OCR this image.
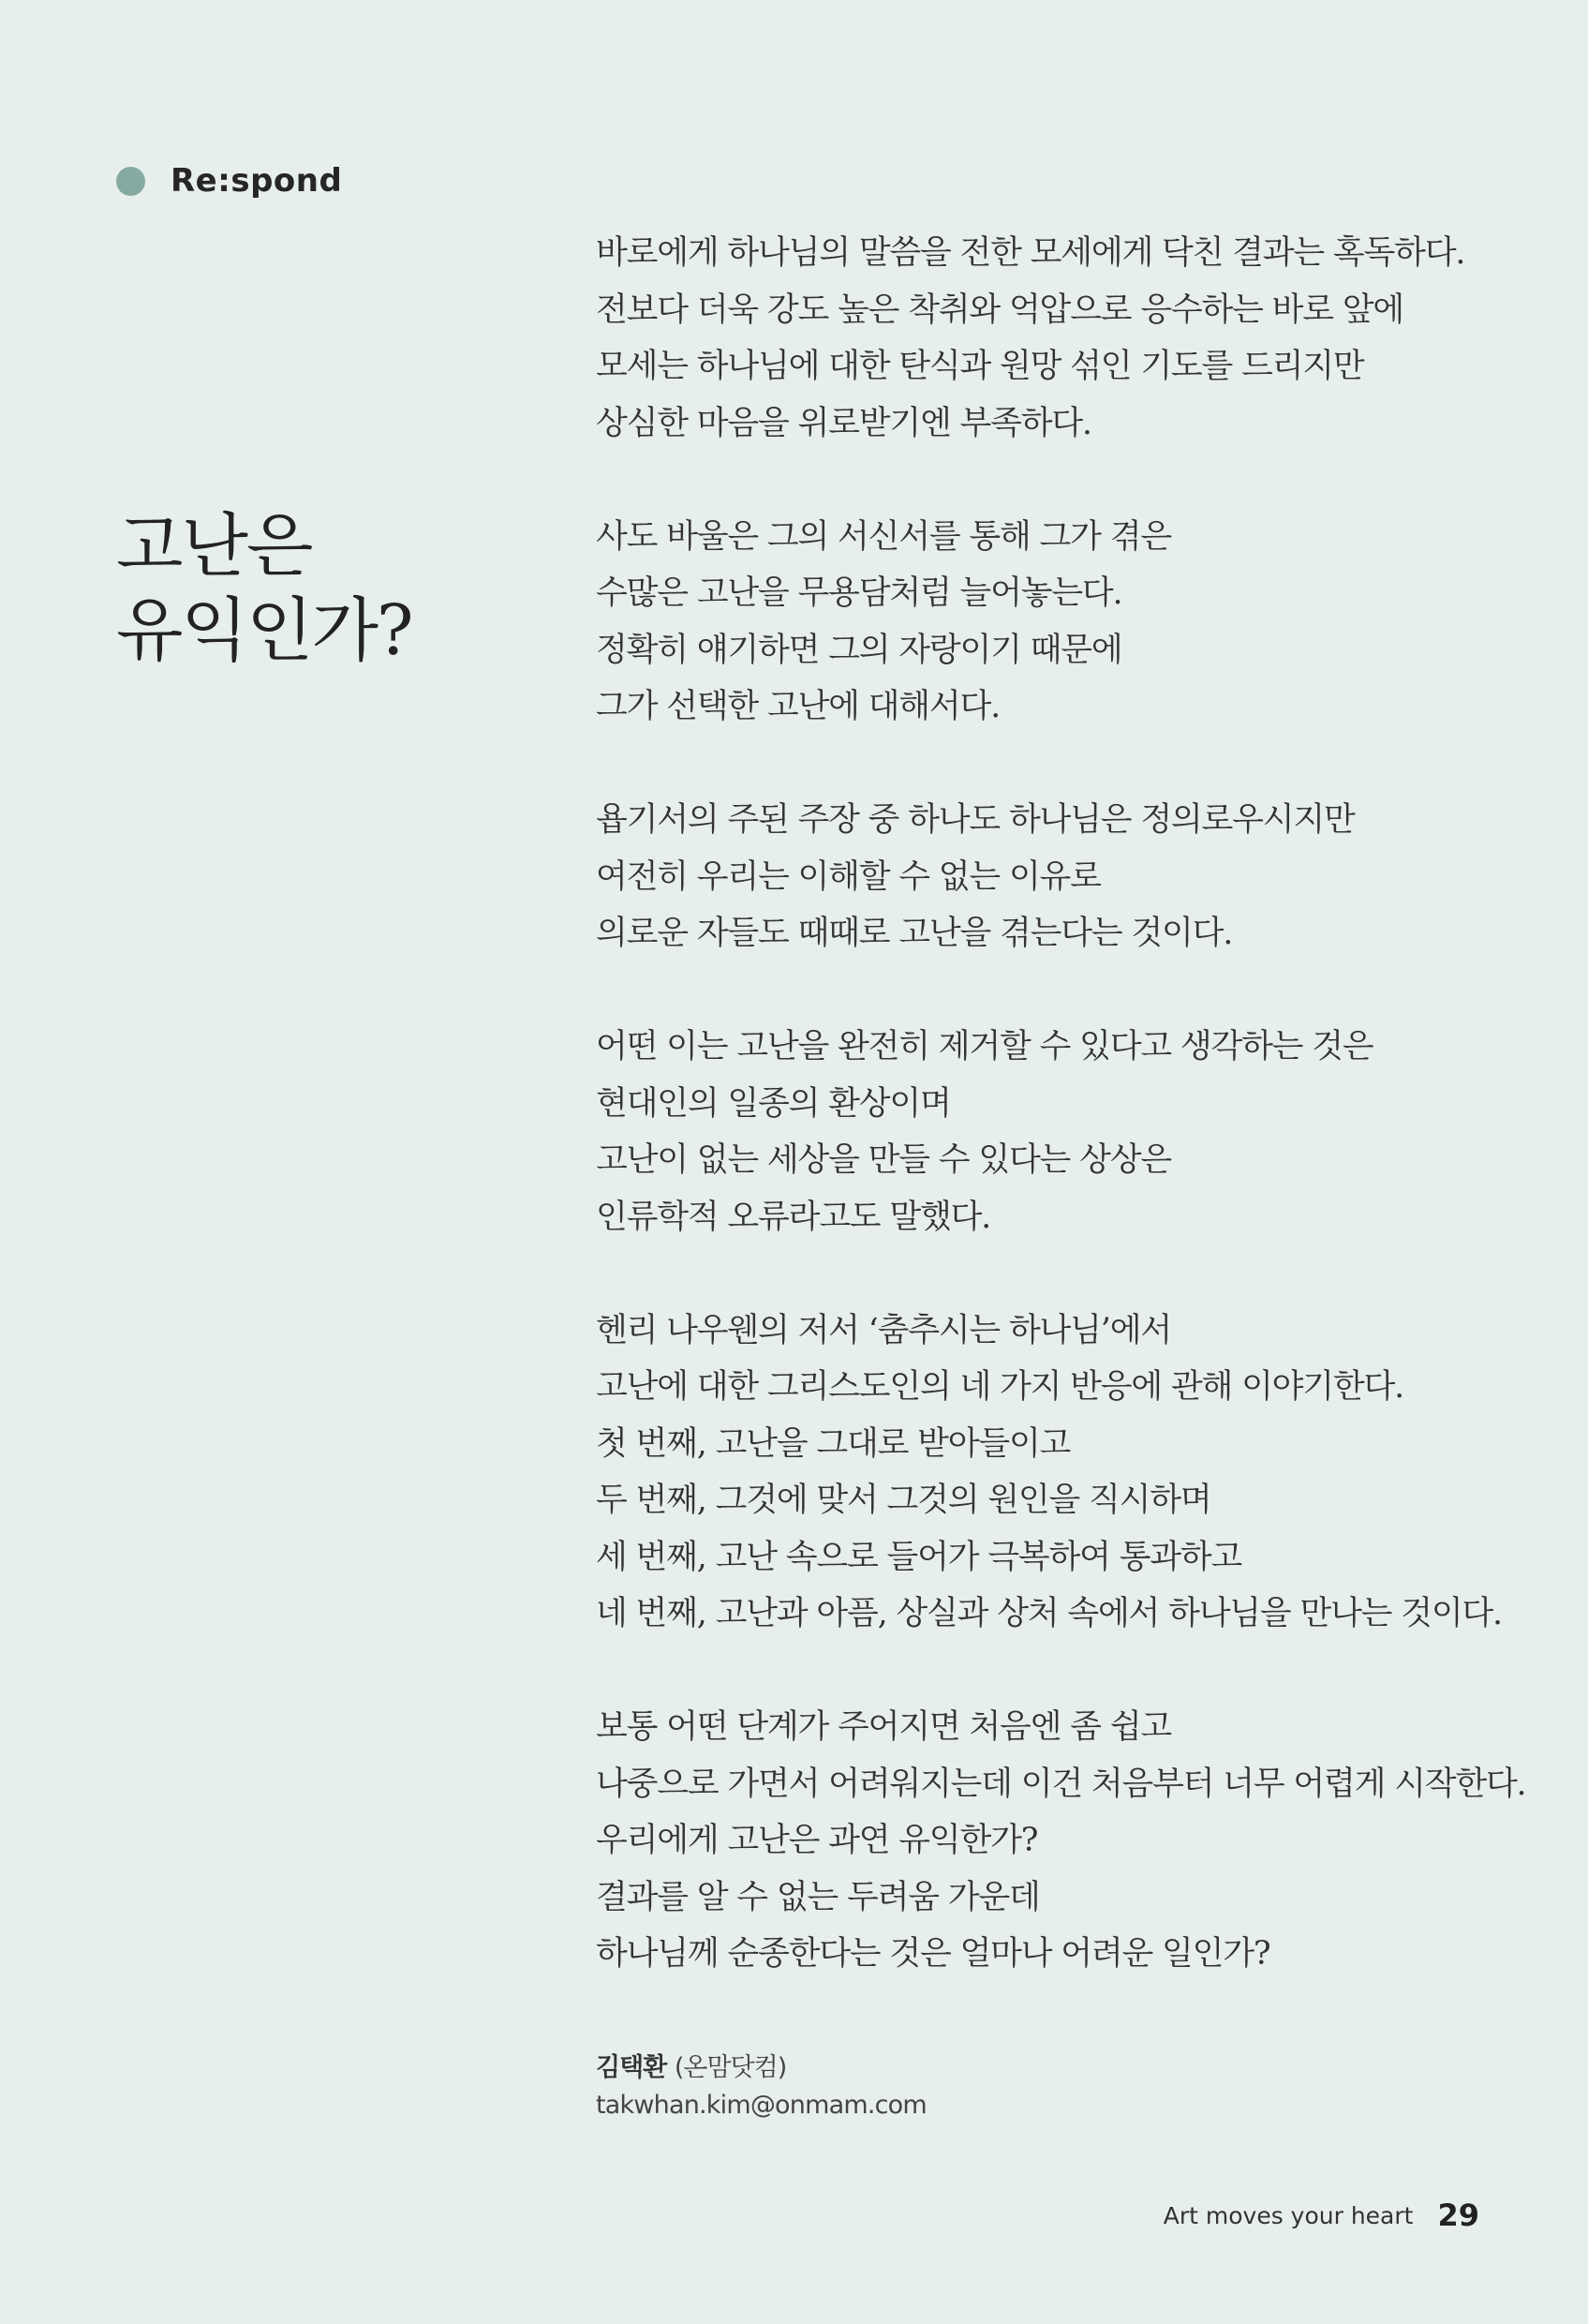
Re:spond
고난은
유익인가?

바로에게 하나님의 말씀을 전한 모세에게 닥친 결과는 혹독하다.
전보다 더욱 강도 높은 착취와 억압으로 응수하는 바로 앞에
모세는 하나님에 대한 탄식과 원망 섞인 기도를 드리지만
상심한 마음을 위로받기엔 부족하다.

사도 바울은 그의 서신서를 통해 그가 겪은
수많은 고난을 무용담처럼 늘어놓는다.
정확히 얘기하면 그의 자랑이기 때문에
그가 선택한 고난에 대해서다.

욥기서의 주된 주장 중 하나도 하나님은 정의로우시지만
여전히 우리는 이해할 수 없는 이유로
의로운 자들도 때때로 고난을 겪는다는 것이다.

어떤 이는 고난을 완전히 제거할 수 있다고 생각하는 것은
현대인의 일종의 환상이며
고난이 없는 세상을 만들 수 있다는 상상은
인류학적 오류라고도 말했다.

헨리 나우웬의 저서 ‘춤추시는 하나님’에서
고난에 대한 그리스도인의 네 가지 반응에 관해 이야기한다.
첫 번째, 고난을 그대로 받아들이고
두 번째, 그것에 맞서 그것의 원인을 직시하며
세 번째, 고난 속으로 들어가 극복하여 통과하고
네 번째, 고난과 아픔, 상실과 상처 속에서 하나님을 만나는 것이다.

보통 어떤 단계가 주어지면 처음엔 좀 쉽고
나중으로 가면서 어려워지는데 이건 처음부터 너무 어렵게 시작한다.
우리에게 고난은 과연 유익한가?
결과를 알 수 없는 두려움 가운데
하나님께 순종한다는 것은 얼마나 어려운 일인가?

김택환 (온맘닷컴)
takwhan.kim@onmam.com
Art moves your heart 29
